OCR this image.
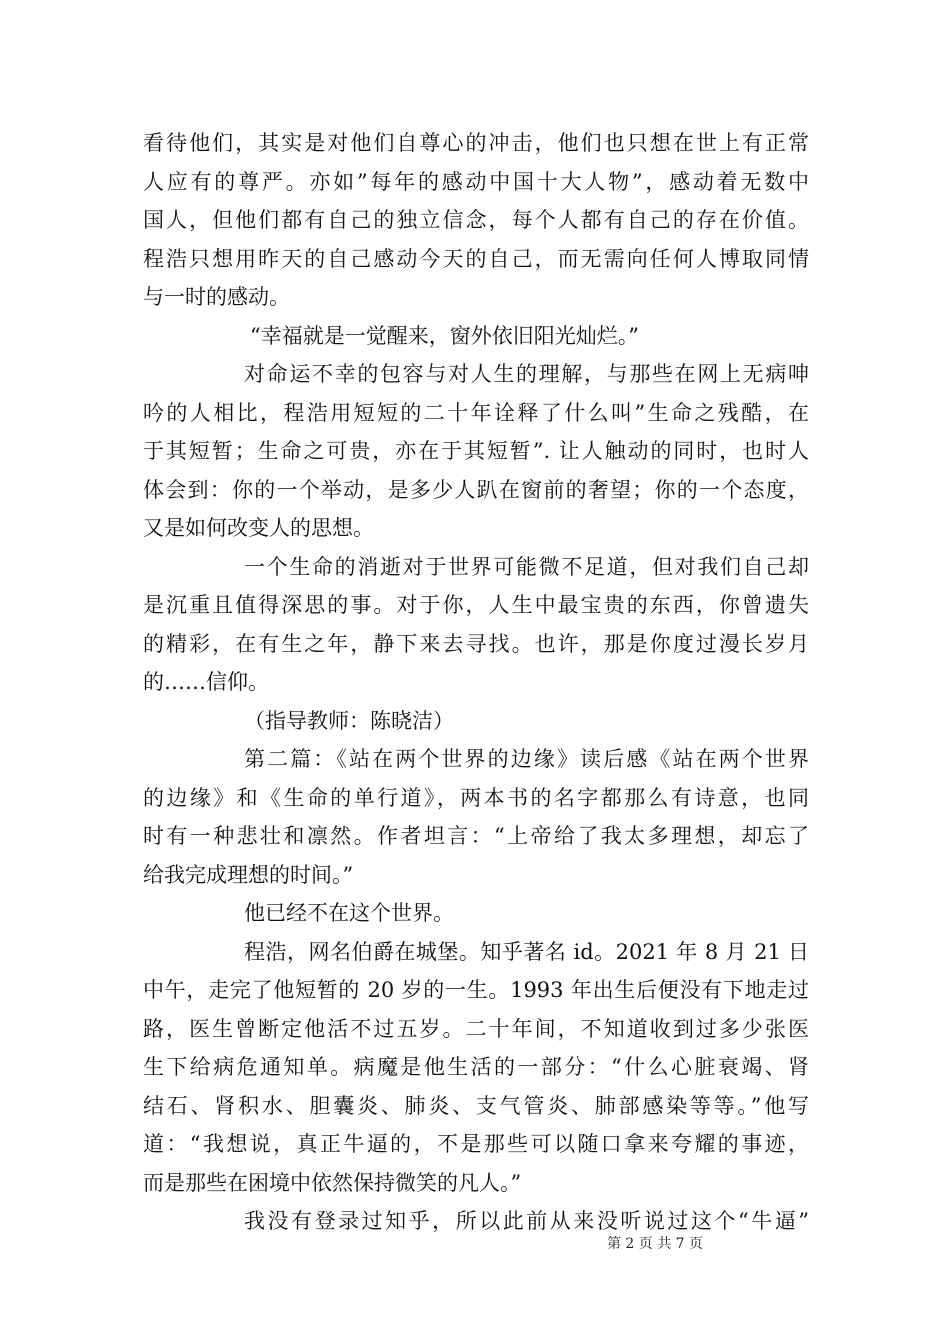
看待他们，其实是对他们自尊心的冲击，他们也只想在世上有正常
人应有的尊严。亦如”每年的感动中国十大人物”，感动着无数中
国人，但他们都有自己的独立信念，每个人都有自己的存在价值。
程浩只想用昨天的自己感动今天的自己，而无需向任何人博取同情
与一时的感动。
“幸福就是一觉醒来，窗外依旧阳光灿烂。”
对命运不幸的包容与对人生的理解，与那些在网上无病呻
吟的人相比，程浩用短短的二十年诠释了什么叫”生命之残酷，在
于其短暂；生命之可贵，亦在于其短暂”. 让人触动的同时，也时人
体会到：你的一个举动，是多少人趴在窗前的奢望；你的一个态度，
又是如何改变人的思想。
一个生命的消逝对于世界可能微不足道，但对我们自己却
是沉重且值得深思的事。对于你，人生中最宝贵的东西，你曾遗失
的精彩，在有生之年，静下来去寻找。也许，那是你度过漫长岁月
的……信仰。
（指导教师：陈晓洁）
第二篇：《站在两个世界的边缘》读后感《站在两个世界
的边缘》和《生命的单行道》，两本书的名字都那么有诗意，也同
时有一种悲壮和凛然。作者坦言：“上帝给了我太多理想，却忘了
给我完成理想的时间。”
他已经不在这个世界。
程浩，网名伯爵在城堡。知乎著名 id。2021 年 8 月 21 日
中午，走完了他短暂的 20 岁的一生。1993 年出生后便没有下地走过
路，医生曾断定他活不过五岁。二十年间，不知道收到过多少张医
生下给病危通知单。病魔是他生活的一部分：“什么心脏衰竭、肾
结石、肾积水、胆囊炎、肺炎、支气管炎、肺部感染等等。”他写
道：“我想说，真正牛逼的，不是那些可以随口拿来夸耀的事迹，
而是那些在困境中依然保持微笑的凡人。”
我没有登录过知乎，所以此前从来没听说过这个“牛逼”
第 2 页 共 7 页
